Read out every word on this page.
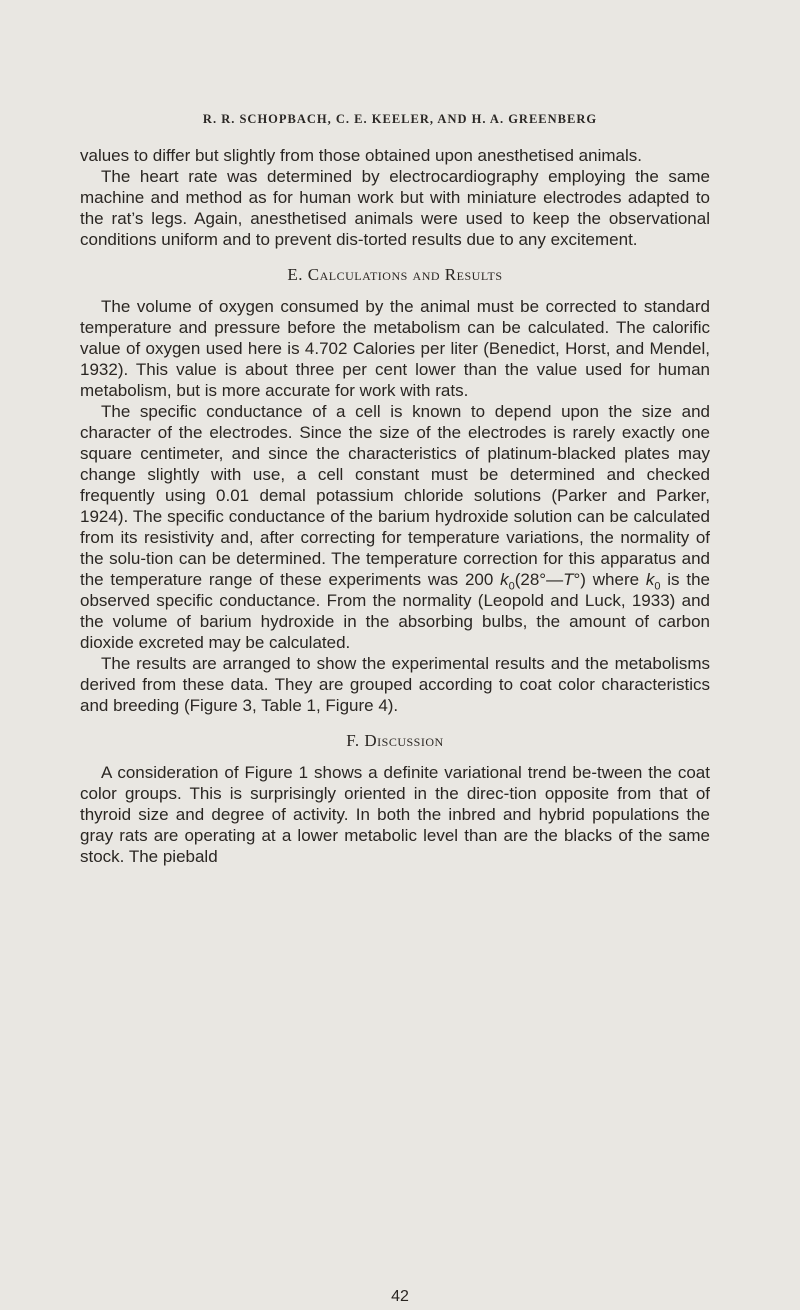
R. R. SCHOPBACH, C. E. KEELER, AND H. A. GREENBERG

values to differ but slightly from those obtained upon anesthetised animals.

The heart rate was determined by electrocardiography employing the same machine and method as for human work but with miniature electrodes adapted to the rat’s legs. Again, anesthetised animals were used to keep the observational conditions uniform and to prevent dis-torted results due to any excitement.

E. Calculations and Results

The volume of oxygen consumed by the animal must be corrected to standard temperature and pressure before the metabolism can be calculated. The calorific value of oxygen used here is 4.702 Calories per liter (Benedict, Horst, and Mendel, 1932). This value is about three per cent lower than the value used for human metabolism, but is more accurate for work with rats.

The specific conductance of a cell is known to depend upon the size and character of the electrodes. Since the size of the electrodes is rarely exactly one square centimeter, and since the characteristics of platinum-blacked plates may change slightly with use, a cell constant must be determined and checked frequently using 0.01 demal potassium chloride solutions (Parker and Parker, 1924). The specific conductance of the barium hydroxide solution can be calculated from its resistivity and, after correcting for temperature variations, the normality of the solu-tion can be determined. The temperature correction for this apparatus and the temperature range of these experiments was 200 $k_0(28^\circ—T^\circ)$ where $k_0$ is the observed specific conductance. From the normality (Leopold and Luck, 1933) and the volume of barium hydroxide in the absorbing bulbs, the amount of carbon dioxide excreted may be calculated.

The results are arranged to show the experimental results and the metabolisms derived from these data. They are grouped according to coat color characteristics and breeding (Figure 3, Table 1, Figure 4).

F. Discussion

A consideration of Figure 1 shows a definite variational trend be-tween the coat color groups. This is surprisingly oriented in the direc-tion opposite from that of thyroid size and degree of activity. In both the inbred and hybrid populations the gray rats are operating at a lower metabolic level than are the blacks of the same stock. The piebald

42
